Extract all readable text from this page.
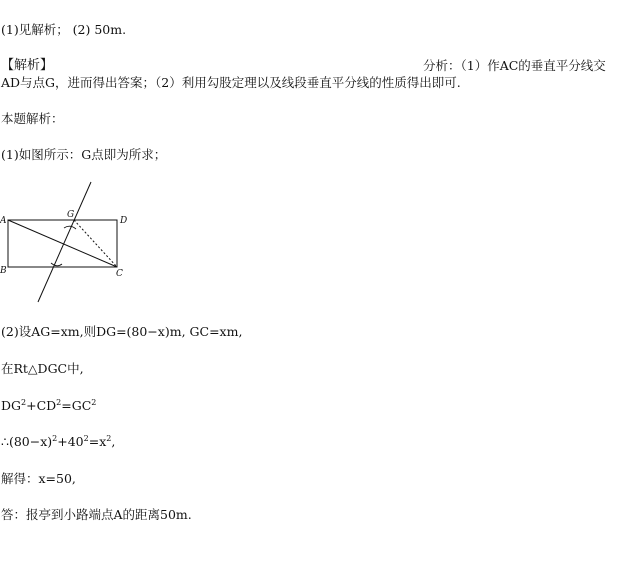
(1)见解析； (2) 50m.
【解析】	分析：（1）作AC的垂直平分线交
AD与点G，进而得出答案；（2）利用勾股定理以及线段垂直平分线的性质得出即可.
本题解析：
(1)如图所示：G点即为所求；
A
B	C
D
G
(2)设AG=xm,则DG=(80−x)m, GC=xm,
在Rt△DGC中,
$DG^2+CD^2=GC^2$
$\therefore(80-x)^2+40^2=x^2$,
解得：x=50,
答：报亭到小路端点A的距离50m.
